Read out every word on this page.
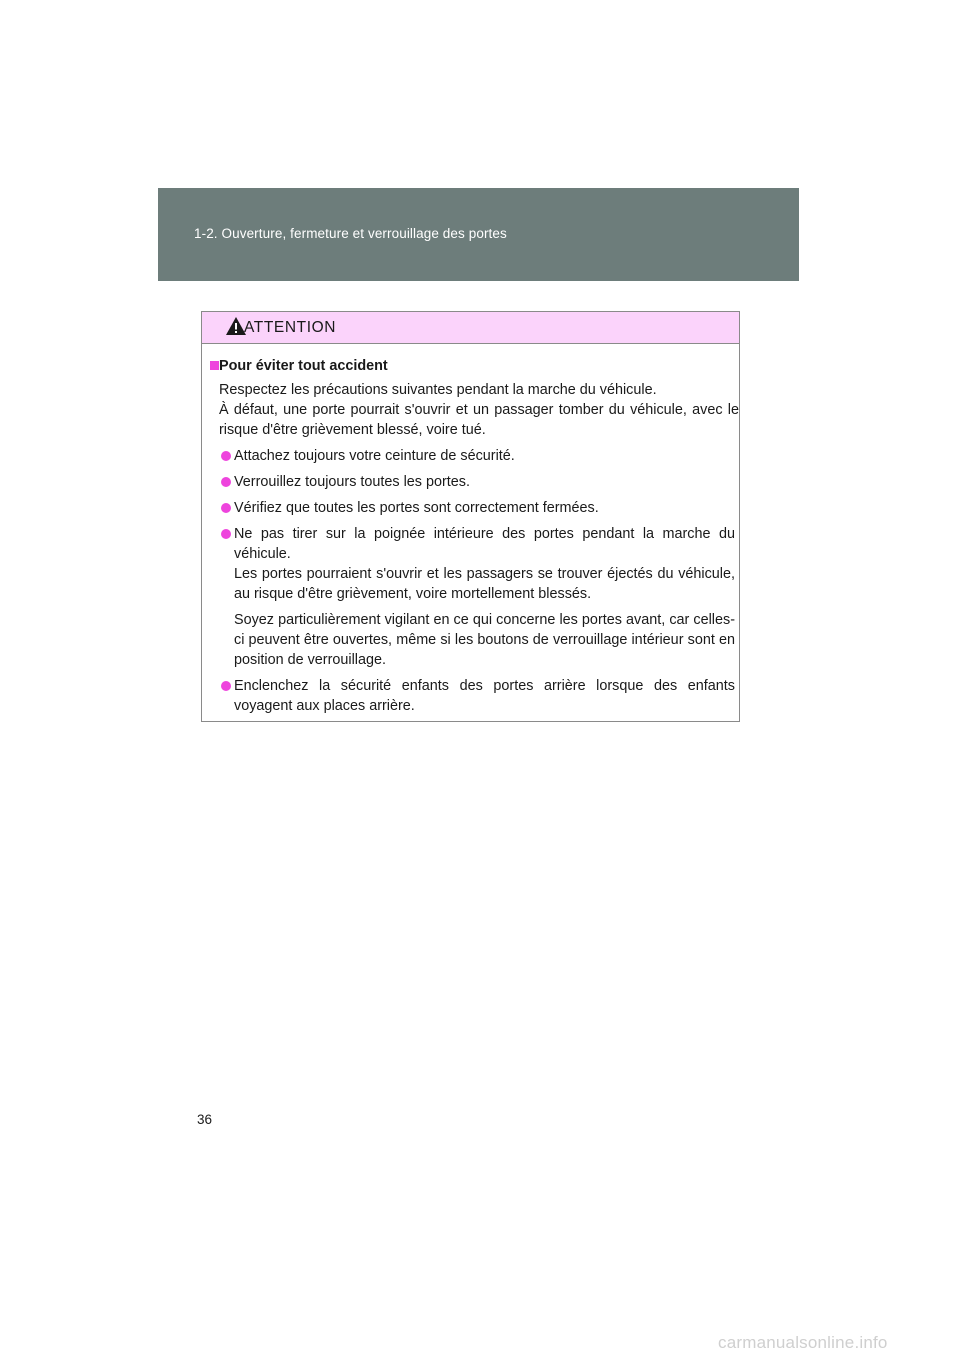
1-2. Ouverture, fermeture et verrouillage des portes
ATTENTION
Pour éviter tout accident

Respectez les précautions suivantes pendant la marche du véhicule.

À défaut, une porte pourrait s'ouvrir et un passager tomber du véhicule, avec le risque d'être grièvement blessé, voire tué.

Attachez toujours votre ceinture de sécurité.

Verrouillez toujours toutes les portes.

Vérifiez que toutes les portes sont correctement fermées.

Ne pas tirer sur la poignée intérieure des portes pendant la marche du véhicule.

Les portes pourraient s'ouvrir et les passagers se trouver éjectés du véhicule, au risque d'être grièvement, voire mortellement blessés.

Soyez particulièrement vigilant en ce qui concerne les portes avant, car celles-ci peuvent être ouvertes, même si les boutons de verrouillage intérieur sont en position de verrouillage.

Enclenchez la sécurité enfants des portes arrière lorsque des enfants voyagent aux places arrière.

36
carmanualsonline.info
